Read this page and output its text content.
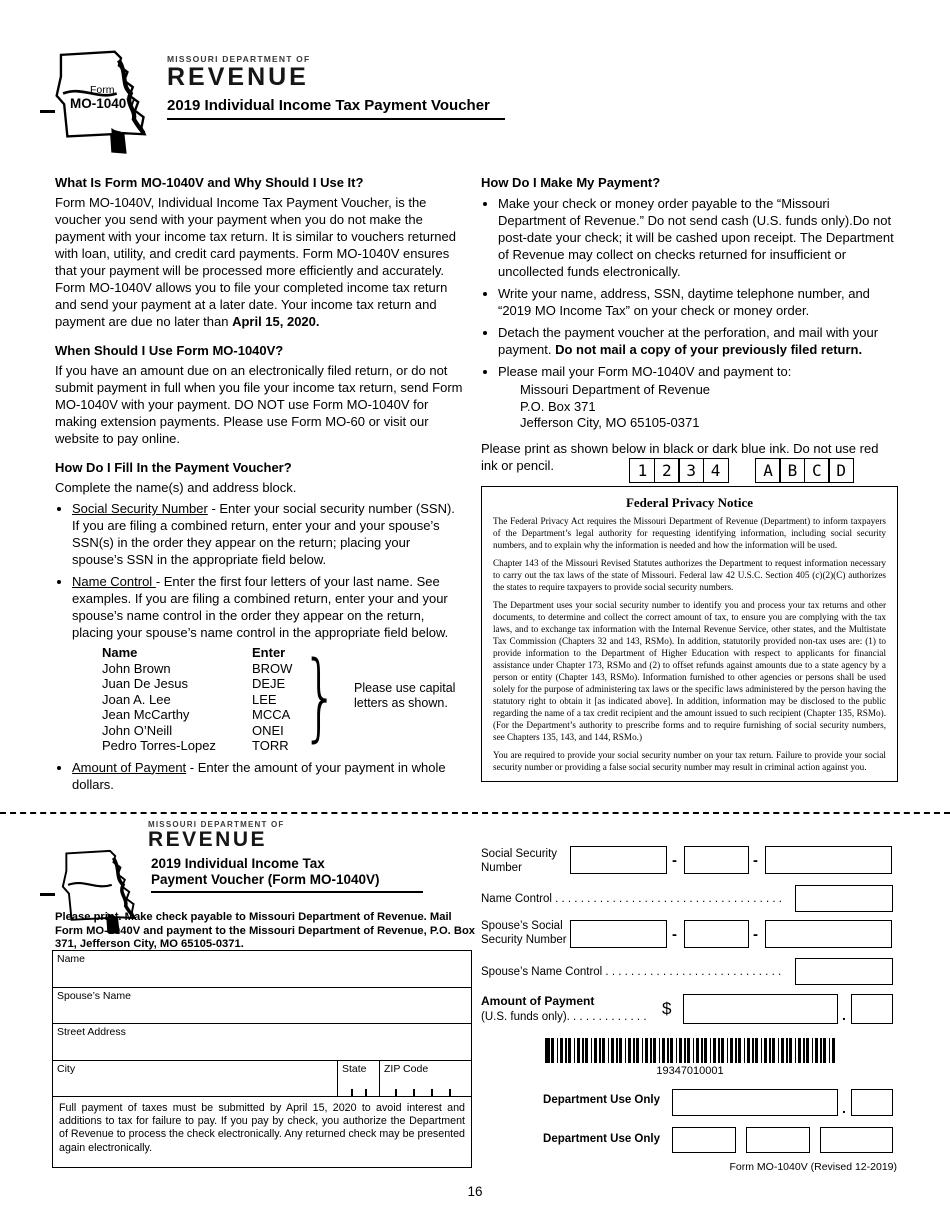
Form
MO-1040V
MISSOURI DEPARTMENT OF
REVENUE
2019 Individual Income Tax Payment Voucher
What Is Form MO-1040V and Why Should I Use It?

Form MO-1040V, Individual Income Tax Payment Voucher, is the voucher you send with your payment when you do not make the payment with your income tax return. It is similar to vouchers returned with loan, utility, and credit card payments. Form MO-1040V ensures that your payment will be processed more efficiently and accurately. Form MO-1040V allows you to file your completed income tax return and send your payment at a later date. Your income tax return and payment are due no later than April 15, 2020.

When Should I Use Form MO-1040V?

If you have an amount due on an electronically filed return, or do not submit payment in full when you file your income tax return, send Form MO-1040V with your payment. DO NOT use Form MO-1040V for making extension payments. Please use Form MO-60 or visit our website to pay online.

How Do I Fill In the Payment Voucher?

Complete the name(s) and address block.

• Social Security Number - Enter your social security number (SSN). If you are filing a combined return, enter your and your spouse’s SSN(s) in the order they appear on the return; placing your spouse’s SSN in the appropriate field below.
• Name Control - Enter the first four letters of your last name. See examples. If you are filing a combined return, enter your and your spouse’s name control in the order they appear on the return, placing your spouse’s name control in the appropriate field below.
Name	Enter
John Brown	BROW
Juan De Jesus	DEJE
Joan A. Lee	LEE
Jean McCarthy	MCCA
John O’Neill	ONEI
Pedro Torres-Lopez	TORR } Please use capital letters as shown.
• Amount of Payment - Enter the amount of your payment in whole dollars.
How Do I Make My Payment?
• Make your check or money order payable to the “Missouri Department of Revenue.” Do not send cash (U.S. funds only).Do not post-date your check; it will be cashed upon receipt. The Department of Revenue may collect on checks returned for insufficient or uncollected funds electronically.
• Write your name, address, SSN, daytime telephone number, and “2019 MO Income Tax” on your check or money order.
• Detach the payment voucher at the perforation, and mail with your payment. Do not mail a copy of your previously filed return.
• Please mail your Form MO-1040V and payment to:
Missouri Department of Revenue
P.O. Box 371
Jefferson City, MO 65105-0371

Please print as shown below in black or dark blue ink. Do not use red ink or pencil.	1 2 3 4	A B C D
Federal Privacy Notice

The Federal Privacy Act requires the Missouri Department of Revenue (Department) to inform taxpayers of the Department’s legal authority for requesting identifying information, including social security numbers, and to explain why the information is needed and how the information will be used.

Chapter 143 of the Missouri Revised Statutes authorizes the Department to request information necessary to carry out the tax laws of the state of Missouri. Federal law 42 U.S.C. Section 405 (c)(2)(C) authorizes the states to require taxpayers to provide social security numbers.

The Department uses your social security number to identify you and process your tax returns and other documents, to determine and collect the correct amount of tax, to ensure you are complying with the tax laws, and to exchange tax information with the Internal Revenue Service, other states, and the Multistate Tax Commission (Chapters 32 and 143, RSMo). In addition, statutorily provided non-tax uses are: (1) to provide information to the Department of Higher Education with respect to applicants for financial assistance under Chapter 173, RSMo and (2) to offset refunds against amounts due to a state agency by a person or entity (Chapter 143, RSMo). Information furnished to other agencies or persons shall be used solely for the purpose of administering tax laws or the specific laws administered by the person having the statutory right to obtain it [as indicated above]. In addition, information may be disclosed to the public regarding the name of a tax credit recipient and the amount issued to such recipient (Chapter 135, RSMo). (For the Department’s authority to prescribe forms and to require furnishing of social security numbers, see Chapters 135, 143, and 144, RSMo.)

You are required to provide your social security number on your tax return. Failure to provide your social security number or providing a false social security number may result in criminal action against you.

MISSOURI DEPARTMENT OF
REVENUE
2019 Individual Income Tax
Payment Voucher (Form MO-1040V)

Please print. Make check payable to Missouri Department of Revenue. Mail Form MO-1040V and payment to the Missouri Department of Revenue, P.O. Box 371, Jefferson City, MO 65105-0371.

Name
Spouse’s Name
Street Address
City	State ZIP Code
Full payment of taxes must be submitted by April 15, 2020 to avoid interest and additions to tax for failure to pay. If you pay by check, you authorize the Department of Revenue to process the check electronically. Any returned check may be presented again electronically.
Social Security
Number	-	-
Name Control . . . . . . . . . . . . . . . . . . . . . . . . . . . . . . . . . . . .
Spouse’s Social
Security Number	-	-
Spouse’s Name Control . . . . . . . . . . . . . . . . . . . . . . . . . . . .
Amount of Payment
(U.S. funds only). . . . . . . . . . . . . $	.
19347010001
Department Use Only	.
Department Use Only
Form MO-1040V (Revised 12-2019)
16
